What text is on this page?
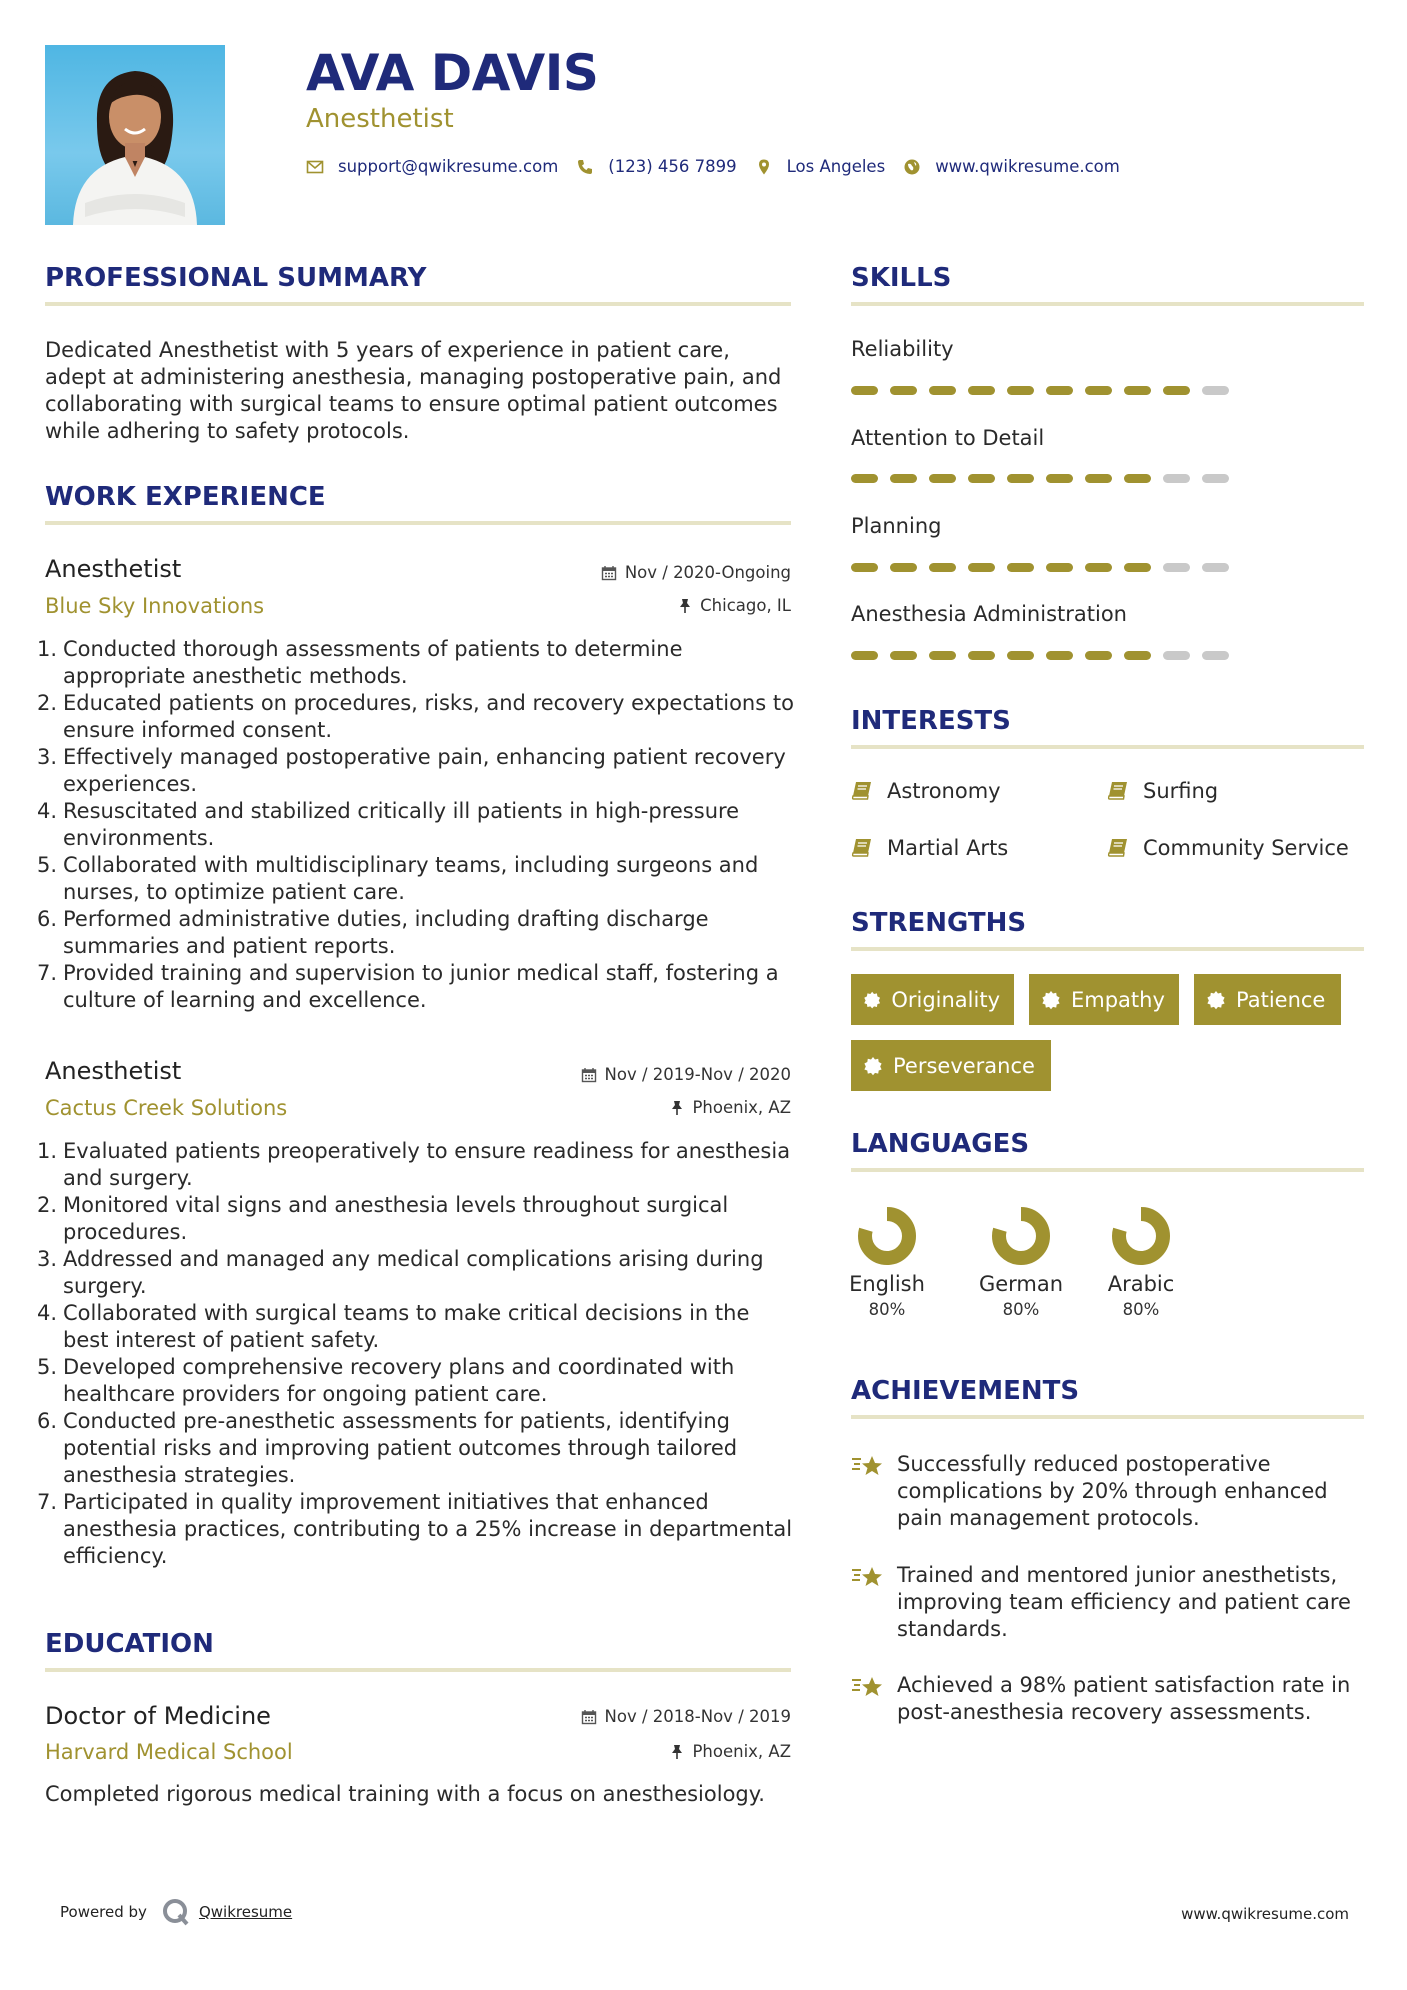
AVA DAVIS

Anesthetist

support@qwikresume.com	(123) 456 7899	Los Angeles	www.qwikresume.com
PROFESSIONAL SUMMARY

Dedicated Anesthetist with 5 years of experience in patient care, adept at administering anesthesia, managing postoperative pain, and collaborating with surgical teams to ensure optimal patient outcomes while adhering to safety protocols.

WORK EXPERIENCE

Anesthetist	Nov / 2020-Ongoing

Blue Sky Innovations	Chicago, IL
1. Conducted thorough assessments of patients to determine appropriate anesthetic methods.
2. Educated patients on procedures, risks, and recovery expectations to ensure informed consent.
3. Effectively managed postoperative pain, enhancing patient recovery experiences.
4. Resuscitated and stabilized critically ill patients in high-pressure environments.
5. Collaborated with multidisciplinary teams, including surgeons and nurses, to optimize patient care.
6. Performed administrative duties, including drafting discharge summaries and patient reports.
7. Provided training and supervision to junior medical staff, fostering a culture of learning and excellence.

Anesthetist	Nov / 2019-Nov / 2020

Cactus Creek Solutions	Phoenix, AZ
1. Evaluated patients preoperatively to ensure readiness for anesthesia and surgery.
2. Monitored vital signs and anesthesia levels throughout surgical procedures.
3. Addressed and managed any medical complications arising during surgery.
4. Collaborated with surgical teams to make critical decisions in the best interest of patient safety.
5. Developed comprehensive recovery plans and coordinated with healthcare providers for ongoing patient care.
6. Conducted pre-anesthetic assessments for patients, identifying potential risks and improving patient outcomes through tailored anesthesia strategies.
7. Participated in quality improvement initiatives that enhanced anesthesia practices, contributing to a 25% increase in departmental efficiency.
EDUCATION

Doctor of Medicine	Nov / 2018-Nov / 2019

Harvard Medical School	Phoenix, AZ

Completed rigorous medical training with a focus on anesthesiology.

SKILLS

Reliability

Attention to Detail

Planning

Anesthesia Administration

INTERESTS
Astronomy	Surfing
Martial Arts	Community Service
STRENGTHS
Originality	Empathy	Patience
Perseverance
LANGUAGES
English
80%
German
80%
Arabic
80%
ACHIEVEMENTS

Successfully reduced postoperative complications by 20% through enhanced pain management protocols.

Trained and mentored junior anesthetists, improving team efficiency and patient care standards.

Achieved a 98% patient satisfaction rate in post-anesthesia recovery assessments.

Powered by	Qwikresume	www.qwikresume.com
